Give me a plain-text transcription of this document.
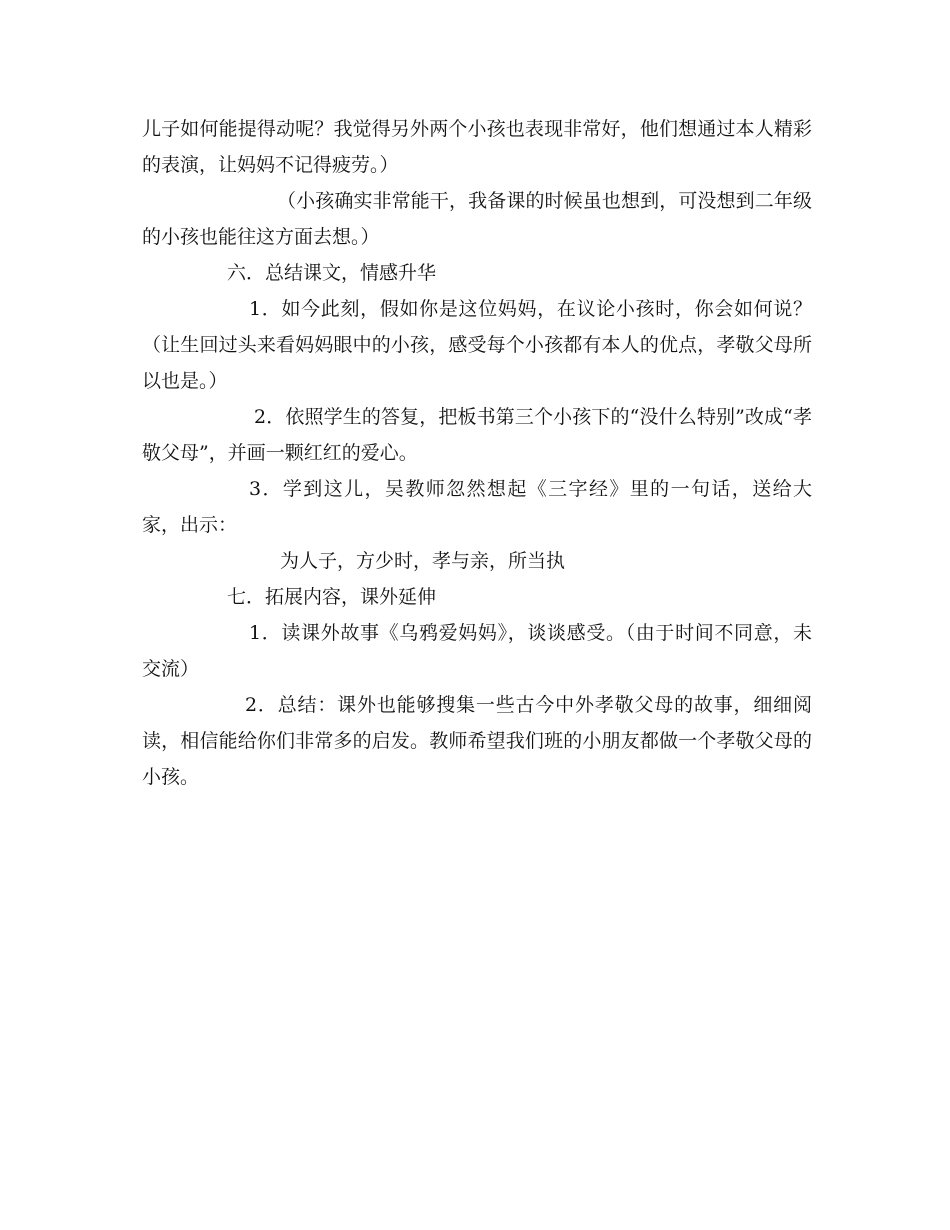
儿子如何能提得动呢？我觉得另外两个小孩也表现非常好，他们想通过本人精彩的表演，让妈妈不记得疲劳。）

（小孩确实非常能干，我备课的时候虽也想到，可没想到二年级的小孩也能往这方面去想。）

六．总结课文，情感升华

1．如今此刻，假如你是这位妈妈，在议论小孩时，你会如何说？（让生回过头来看妈妈眼中的小孩，感受每个小孩都有本人的优点，孝敬父母所以也是。）

2．依照学生的答复，把板书第三个小孩下的“没什么特别”改成“孝敬父母”，并画一颗红红的爱心。

3．学到这儿，吴教师忽然想起《三字经》里的一句话，送给大家，出示：

为人子，方少时，孝与亲，所当执

七．拓展内容，课外延伸

1．读课外故事《乌鸦爱妈妈》，谈谈感受。（由于时间不同意，未交流）

2．总结：课外也能够搜集一些古今中外孝敬父母的故事，细细阅读，相信能给你们非常多的启发。教师希望我们班的小朋友都做一个孝敬父母的小孩。
